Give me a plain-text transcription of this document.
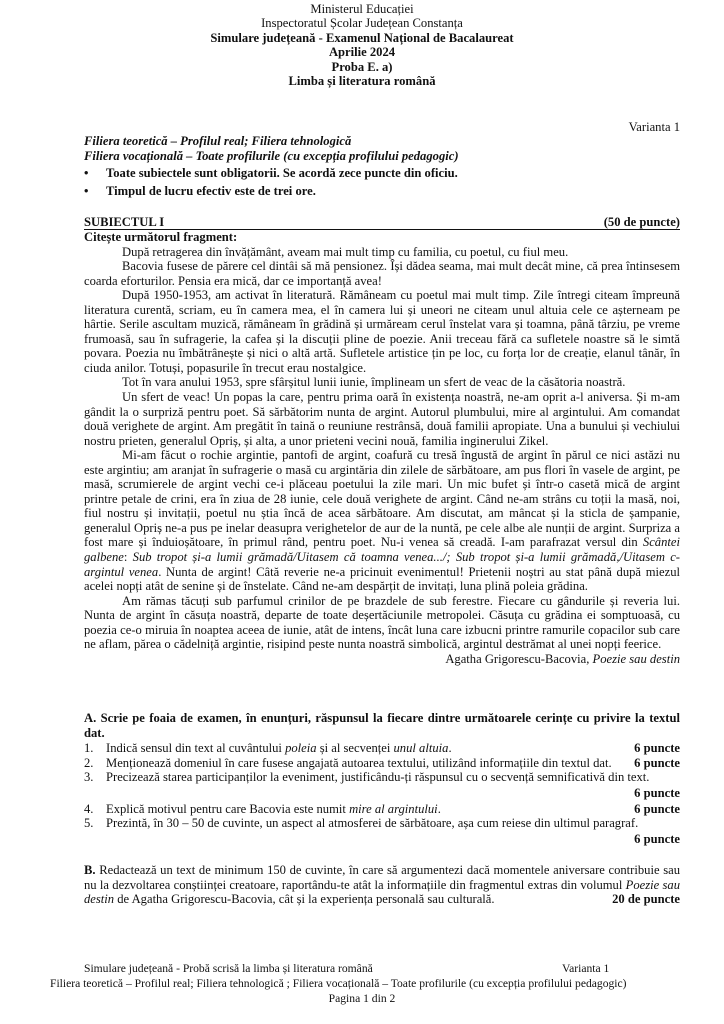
Ministerul Educației
Inspectoratul Școlar Județean Constanța
Simulare județeană - Examenul Național de Bacalaureat
Aprilie 2024
Proba E. a)
Limba și literatura română
Varianta 1
Filiera teoretică – Profilul real; Filiera tehnologică
Filiera vocațională – Toate profilurile (cu excepția profilului pedagogic)
•	Toate subiectele sunt obligatorii. Se acordă zece puncte din oficiu.
•	Timpul de lucru efectiv este de trei ore.
SUBIECTUL I	(50 de puncte)
Citește următorul fragment:

După retragerea din învățământ, aveam mai mult timp cu familia, cu poetul, cu fiul meu.

Bacovia fusese de părere cel dintâi să mă pensionez. Își dădea seama, mai mult decât mine, că prea întinsesem coarda eforturilor. Pensia era mică, dar ce importanță avea!

După 1950-1953, am activat în literatură. Rămâneam cu poetul mai mult timp. Zile întregi citeam împreună literatura curentă, scriam, eu în camera mea, el în camera lui și uneori ne citeam unul altuia cele ce așterneam pe hârtie. Serile ascultam muzică, rămâneam în grădină și urmăream cerul înstelat vara și toamna, până târziu, pe vreme frumoasă, sau în sufragerie, la cafea și la discuții pline de poezie. Anii treceau fără ca sufletele noastre să le simtă povara. Poezia nu îmbătrânește și nici o altă artă. Sufletele artistice țin pe loc, cu forța lor de creație, elanul tânăr, în ciuda anilor. Totuși, popasurile în trecut erau nostalgice.

Tot în vara anului 1953, spre sfârșitul lunii iunie, împlineam un sfert de veac de la căsătoria noastră.

Un sfert de veac! Un popas la care, pentru prima oară în existența noastră, ne-am oprit a-l aniversa. Și m-am gândit la o surpriză pentru poet. Să sărbătorim nunta de argint. Autorul plumbului, mire al argintului. Am comandat două verighete de argint. Am pregătit în taină o reuniune restrânsă, două familii apropiate. Una a bunului și vechiului nostru prieten, generalul Opriș, și alta, a unor prieteni vecini nouă, familia inginerului Zikel.

Mi-am făcut o rochie argintie, pantofi de argint, coafură cu tresă îngustă de argint în părul ce nici astăzi nu este argintiu; am aranjat în sufragerie o masă cu argintăria din zilele de sărbătoare, am pus flori în vasele de argint, pe masă, scrumierele de argint vechi ce-i plăceau poetului la zile mari. Un mic bufet și într-o casetă mică de argint printre petale de crini, era în ziua de 28 iunie, cele două verighete de argint. Când ne-am strâns cu toții la masă, noi, fiul nostru și invitații, poetul nu știa încă de acea sărbătoare. Am discutat, am mâncat și la sticla de șampanie, generalul Opriș ne-a pus pe inelar deasupra verighetelor de aur de la nuntă, pe cele albe ale nunții de argint. Surpriza a fost mare și înduioșătoare, în primul rând, pentru poet. Nu-i venea să creadă. I-am parafrazat versul din Scântei galbene: Sub tropot și-a lumii grămadă/Uitasem că toamna venea.../; Sub tropot și-a lumii grămadă,/Uitasem c-argintul venea. Nunta de argint! Câtă reverie ne-a pricinuit evenimentul! Prietenii noștri au stat până după miezul acelei nopți atât de senine și de înstelate. Când ne-am despărțit de invitați, luna plină poleia grădina.

Am rămas tăcuți sub parfumul crinilor de pe brazdele de sub ferestre. Fiecare cu gândurile și reveria lui. Nunta de argint în căsuța noastră, departe de toate deșertăciunile metropolei. Căsuța cu grădina ei somptuoasă, cu poezia ce-o miruia în noaptea aceea de iunie, atât de intens, încât luna care izbucni printre ramurile copacilor sub care ne aflam, părea o cădelniță argintie, risipind peste nunta noastră simbolică, argintul destrămat al unei nopți feerice.

Agatha Grigorescu-Bacovia, Poezie sau destin
A. Scrie pe foaia de examen, în enunțuri, răspunsul la fiecare dintre următoarele cerințe cu privire la textul dat.
1. Indică sensul din text al cuvântului poleia și al secvenței unul altuia.	6 puncte
2. Menționează domeniul în care fusese angajată autoarea textului, utilizând informațiile din textul dat.	6 puncte
3. Precizează starea participanților la eveniment, justificându-ți răspunsul cu o secvență semnificativă din text.
6 puncte
4. Explică motivul pentru care Bacovia este numit mire al argintului.	6 puncte
5. Prezintă, în 30 – 50 de cuvinte, un aspect al atmosferei de sărbătoare, așa cum reiese din ultimul paragraf.
6 puncte
B. Redactează un text de minimum 150 de cuvinte, în care să argumentezi dacă momentele aniversare contribuie sau nu la dezvoltarea conștiinței creatoare, raportându-te atât la informațiile din fragmentul extras din volumul Poezie sau destin de Agatha Grigorescu-Bacovia, cât și la experiența personală sau culturală.	20 de puncte
Simulare județeană - Probă scrisă la limba și literatura română	Varianta 1
Filiera teoretică – Profilul real; Filiera tehnologică ; Filiera vocațională – Toate profilurile (cu excepția profilului pedagogic)
Pagina 1 din 2
